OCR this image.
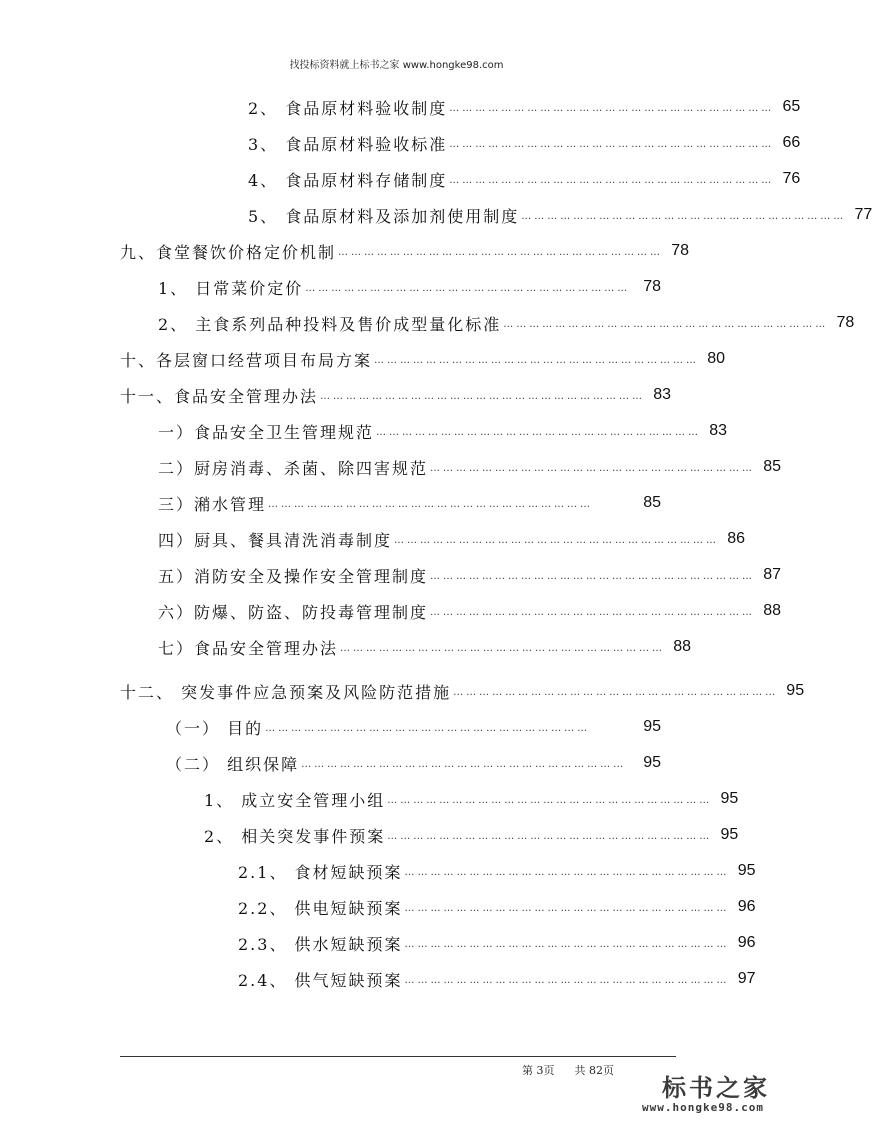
找投标资料就上标书之家 www.hongke98.com
2、 食品原材料验收制度 ………………………………………………………………… 65
3、 食品原材料验收标准 ………………………………………………………………… 66
4、 食品原材料存储制度 ………………………………………………………………… 76
5、 食品原材料及添加剂使用制度 ………………………………………………………………… 77
九、食堂餐饮价格定价机制 ………………………………………………………………… 78
1、 日常菜价定价 ………………………………………………………………… 78
2、 主食系列品种投料及售价成型量化标准 ………………………………………………………………… 78
十、各层窗口经营项目布局方案 ………………………………………………………………… 80
十一、食品安全管理办法 ………………………………………………………………… 83
一）食品安全卫生管理规范 ………………………………………………………………… 83
二）厨房消毒、杀菌、除四害规范 ………………………………………………………………… 85
三）潲水管理 …………………………………………………………………	85
四）厨具、餐具清洗消毒制度 ………………………………………………………………… 86
五）消防安全及操作安全管理制度 ………………………………………………………………… 87
六）防爆、防盗、防投毒管理制度 ………………………………………………………………… 88
七）食品安全管理办法 ………………………………………………………………… 88
十二、 突发事件应急预案及风险防范措施 ………………………………………………………………… 95
（一） 目的 …………………………………………………………………	95
（二） 组织保障 …………………………………………………………………	95
1、 成立安全管理小组 ………………………………………………………………… 95
2、 相关突发事件预案 ………………………………………………………………… 95
2.1、 食材短缺预案 ………………………………………………………………… 95
2.2、 供电短缺预案 ………………………………………………………………… 96
2.3、 供水短缺预案 ………………………………………………………………… 96
2.4、 供气短缺预案 ………………………………………………………………… 97
第 3页 共 82页
标书之家
www.hongke98.com
